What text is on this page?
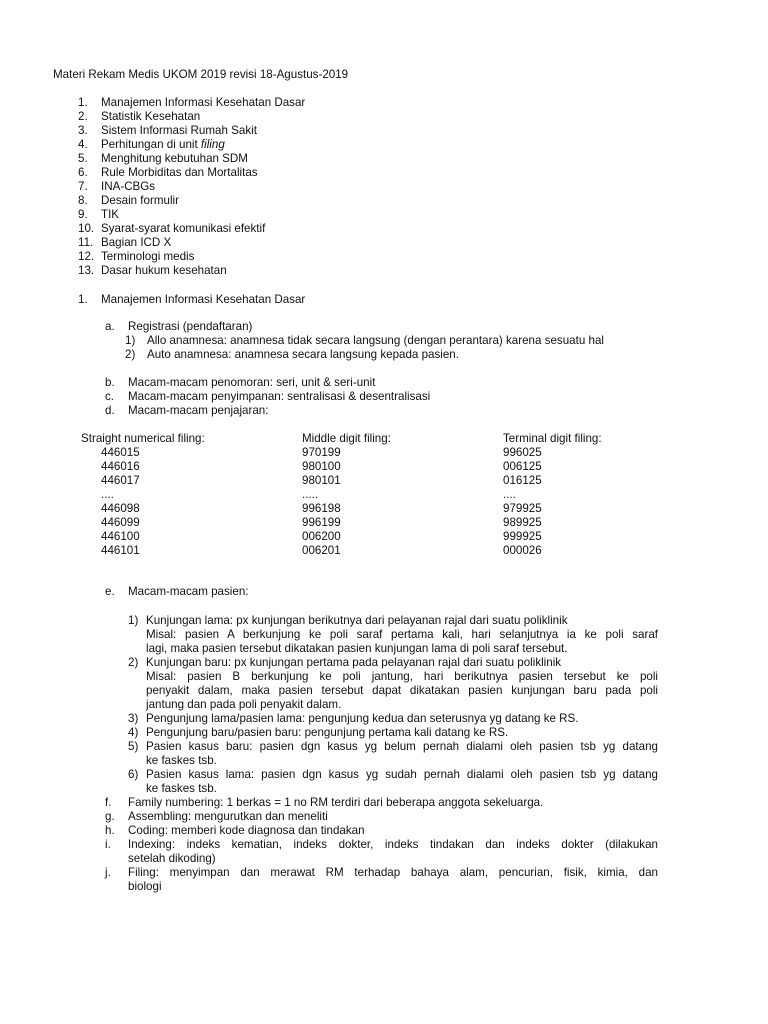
Materi Rekam Medis UKOM 2019 revisi 18-Agustus-2019
1. Manajemen Informasi Kesehatan Dasar
2. Statistik Kesehatan
3. Sistem Informasi Rumah Sakit
4. Perhitungan di unit filing
5. Menghitung kebutuhan SDM
6. Rule Morbiditas dan Mortalitas
7. INA-CBGs
8. Desain formulir
9. TIK
10. Syarat-syarat komunikasi efektif
11. Bagian ICD X
12. Terminologi medis
13. Dasar hukum kesehatan
1. Manajemen Informasi Kesehatan Dasar
a. Registrasi (pendaftaran)
1) Allo anamnesa: anamnesa tidak secara langsung (dengan perantara) karena sesuatu hal
2) Auto anamnesa: anamnesa secara langsung kepada pasien.
b. Macam-macam penomoran: seri, unit & seri-unit
c. Macam-macam penyimpanan: sentralisasi & desentralisasi
d. Macam-macam penjajaran:
Straight numerical filing:	Middle digit filing:	Terminal digit filing:
446015	970199	996025
446016	980100	006125
446017	980101	016125
....	.....	....
446098	996198	979925
446099	996199	989925
446100	006200	999925
446101	006201	000026
e. Macam-macam pasien:
1) Kunjungan lama: px kunjungan berikutnya dari pelayanan rajal dari suatu poliklinik
Misal: pasien A berkunjung ke poli saraf pertama kali, hari selanjutnya ia ke poli saraf
lagi, maka pasien tersebut dikatakan pasien kunjungan lama di poli saraf tersebut.
2) Kunjungan baru: px kunjungan pertama pada pelayanan rajal dari suatu poliklinik
Misal: pasien B berkunjung ke poli jantung, hari berikutnya pasien tersebut ke poli
penyakit dalam, maka pasien tersebut dapat dikatakan pasien kunjungan baru pada poli
jantung dan pada poli penyakit dalam.
3) Pengunjung lama/pasien lama: pengunjung kedua dan seterusnya yg datang ke RS.
4) Pengunjung baru/pasien baru: pengunjung pertama kali datang ke RS.
5) Pasien kasus baru: pasien dgn kasus yg belum pernah dialami oleh pasien tsb yg datang
ke faskes tsb.
6) Pasien kasus lama: pasien dgn kasus yg sudah pernah dialami oleh pasien tsb yg datang
ke faskes tsb.
f. Family numbering: 1 berkas = 1 no RM terdiri dari beberapa anggota sekeluarga.
g. Assembling: mengurutkan dan meneliti
h. Coding: memberi kode diagnosa dan tindakan
i. Indexing: indeks kematian, indeks dokter, indeks tindakan dan indeks dokter (dilakukan
setelah dikoding)
j. Filing: menyimpan dan merawat RM terhadap bahaya alam, pencurian, fisik, kimia, dan
biologi
